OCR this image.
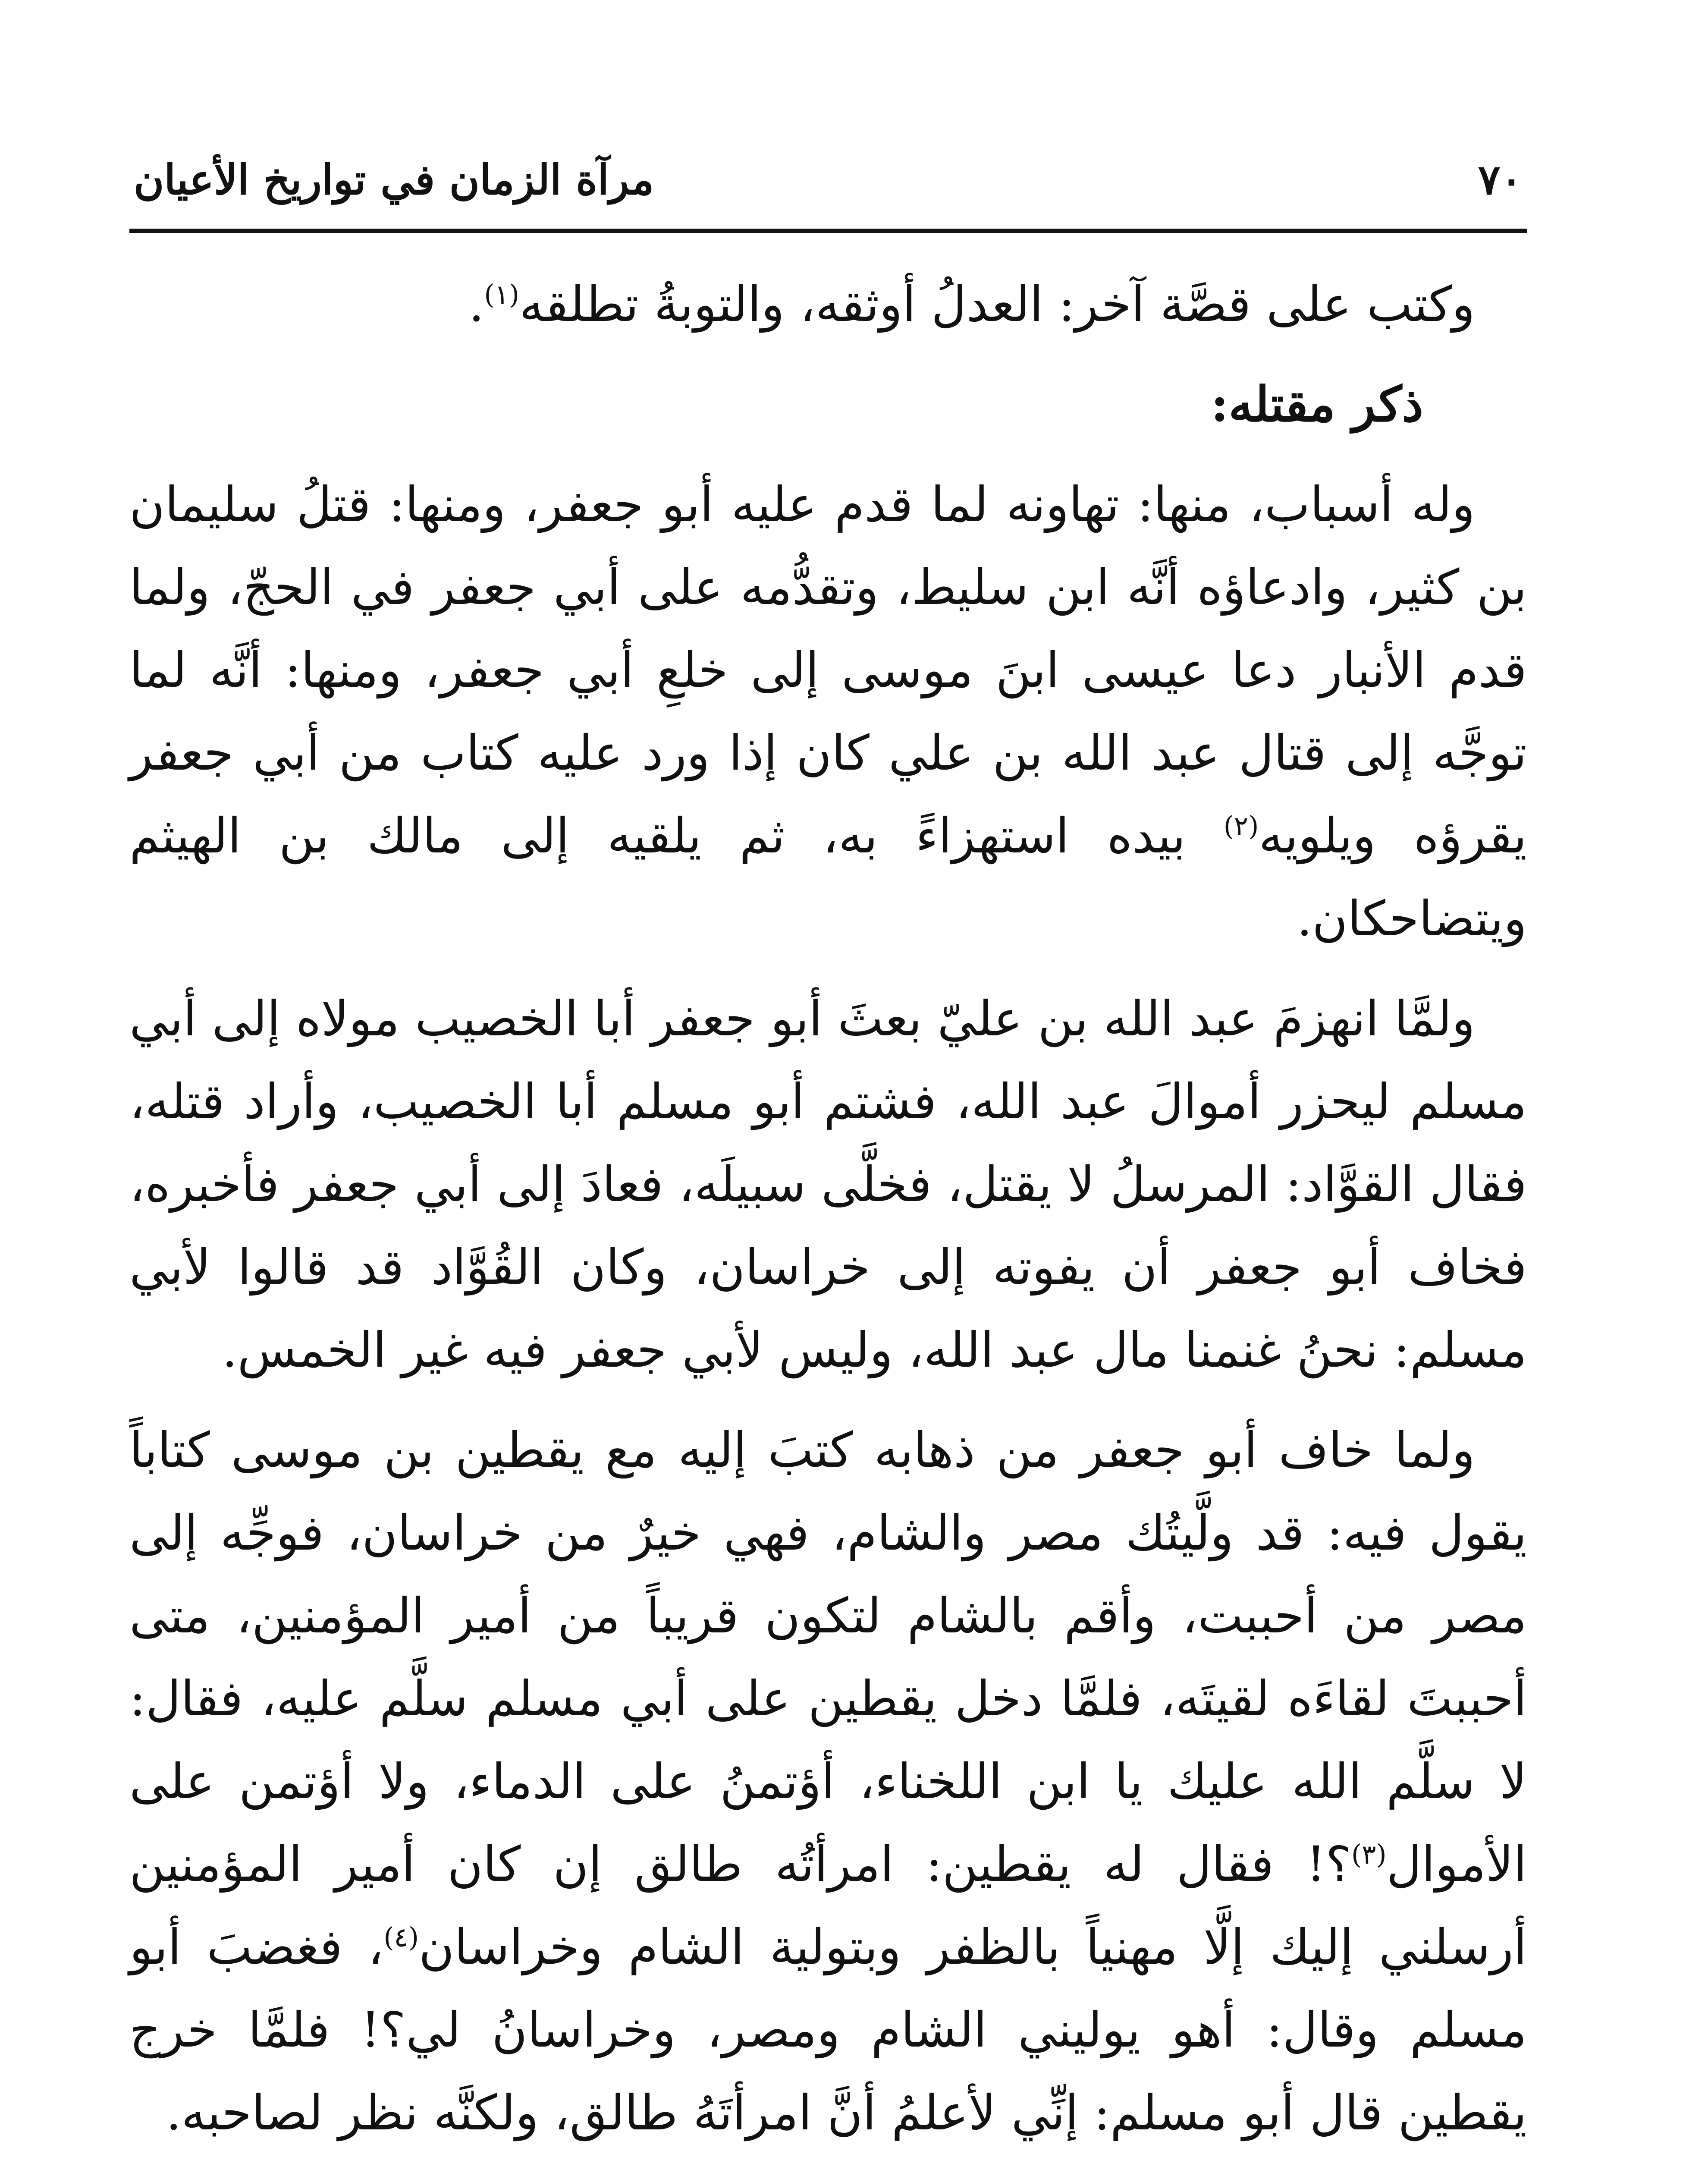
٧٠
مرآة الزمان في تواريخ الأعيان

وكتب على قصَّة آخر: العدلُ أوثقه، والتوبةُ تطلقه$^{(١)}$.

ذكر مقتله:

وله أسباب، منها: تهاونه لما قدم عليه أبو جعفر، ومنها: قتلُ سليمان بن كثير، وادعاؤه أنَّه ابن سليط، وتقدُّمه على أبي جعفر في الحجّ، ولما قدم الأنبار دعا عيسى ابنَ موسى إلى خلعِ أبي جعفر، ومنها: أنَّه لما توجَّه إلى قتال عبد الله بن علي كان إذا ورد عليه كتاب من أبي جعفر يقرؤه ويلويه$^{(٢)}$ بيده استهزاءً به، ثم يلقيه إلى مالك بن الهيثم ويتضاحكان.

ولمَّا انهزمَ عبد الله بن عليّ بعثَ أبو جعفر أبا الخصيب مولاه إلى أبي مسلم ليحزر أموالَ عبد الله، فشتم أبو مسلم أبا الخصيب، وأراد قتله، فقال القوَّاد: المرسلُ لا يقتل، فخلَّى سبيلَه، فعادَ إلى أبي جعفر فأخبره، فخاف أبو جعفر أن يفوته إلى خراسان، وكان القُوَّاد قد قالوا لأبي مسلم: نحنُ غنمنا مال عبد الله، وليس لأبي جعفر فيه غير الخمس.

ولما خاف أبو جعفر من ذهابه كتبَ إليه مع يقطين بن موسى كتاباً يقول فيه: قد ولَّيتُك مصر والشام، فهي خيرٌ من خراسان، فوجِّه إلى مصر من أحببت، وأقم بالشام لتكون قريباً من أمير المؤمنين، متى أحببتَ لقاءَه لقيتَه، فلمَّا دخل يقطين على أبي مسلم سلَّم عليه، فقال: لا سلَّم الله عليك يا ابن اللخناء، أؤتمنُ على الدماء، ولا أؤتمن على الأموال$^{(٣)}$؟! فقال له يقطين: امرأتُه طالق إن كان أمير المؤمنين أرسلني إليك إلَّا مهنياً بالظفر وبتولية الشام وخراسان$^{(٤)}$، فغضبَ أبو مسلم وقال: أهو يوليني الشام ومصر، وخراسانُ لي؟! فلمَّا خرج يقطين قال أبو مسلم: إنِّي لأعلمُ أنَّ امرأتَهُ طالق، ولكنَّه نظر لصاحبه.
